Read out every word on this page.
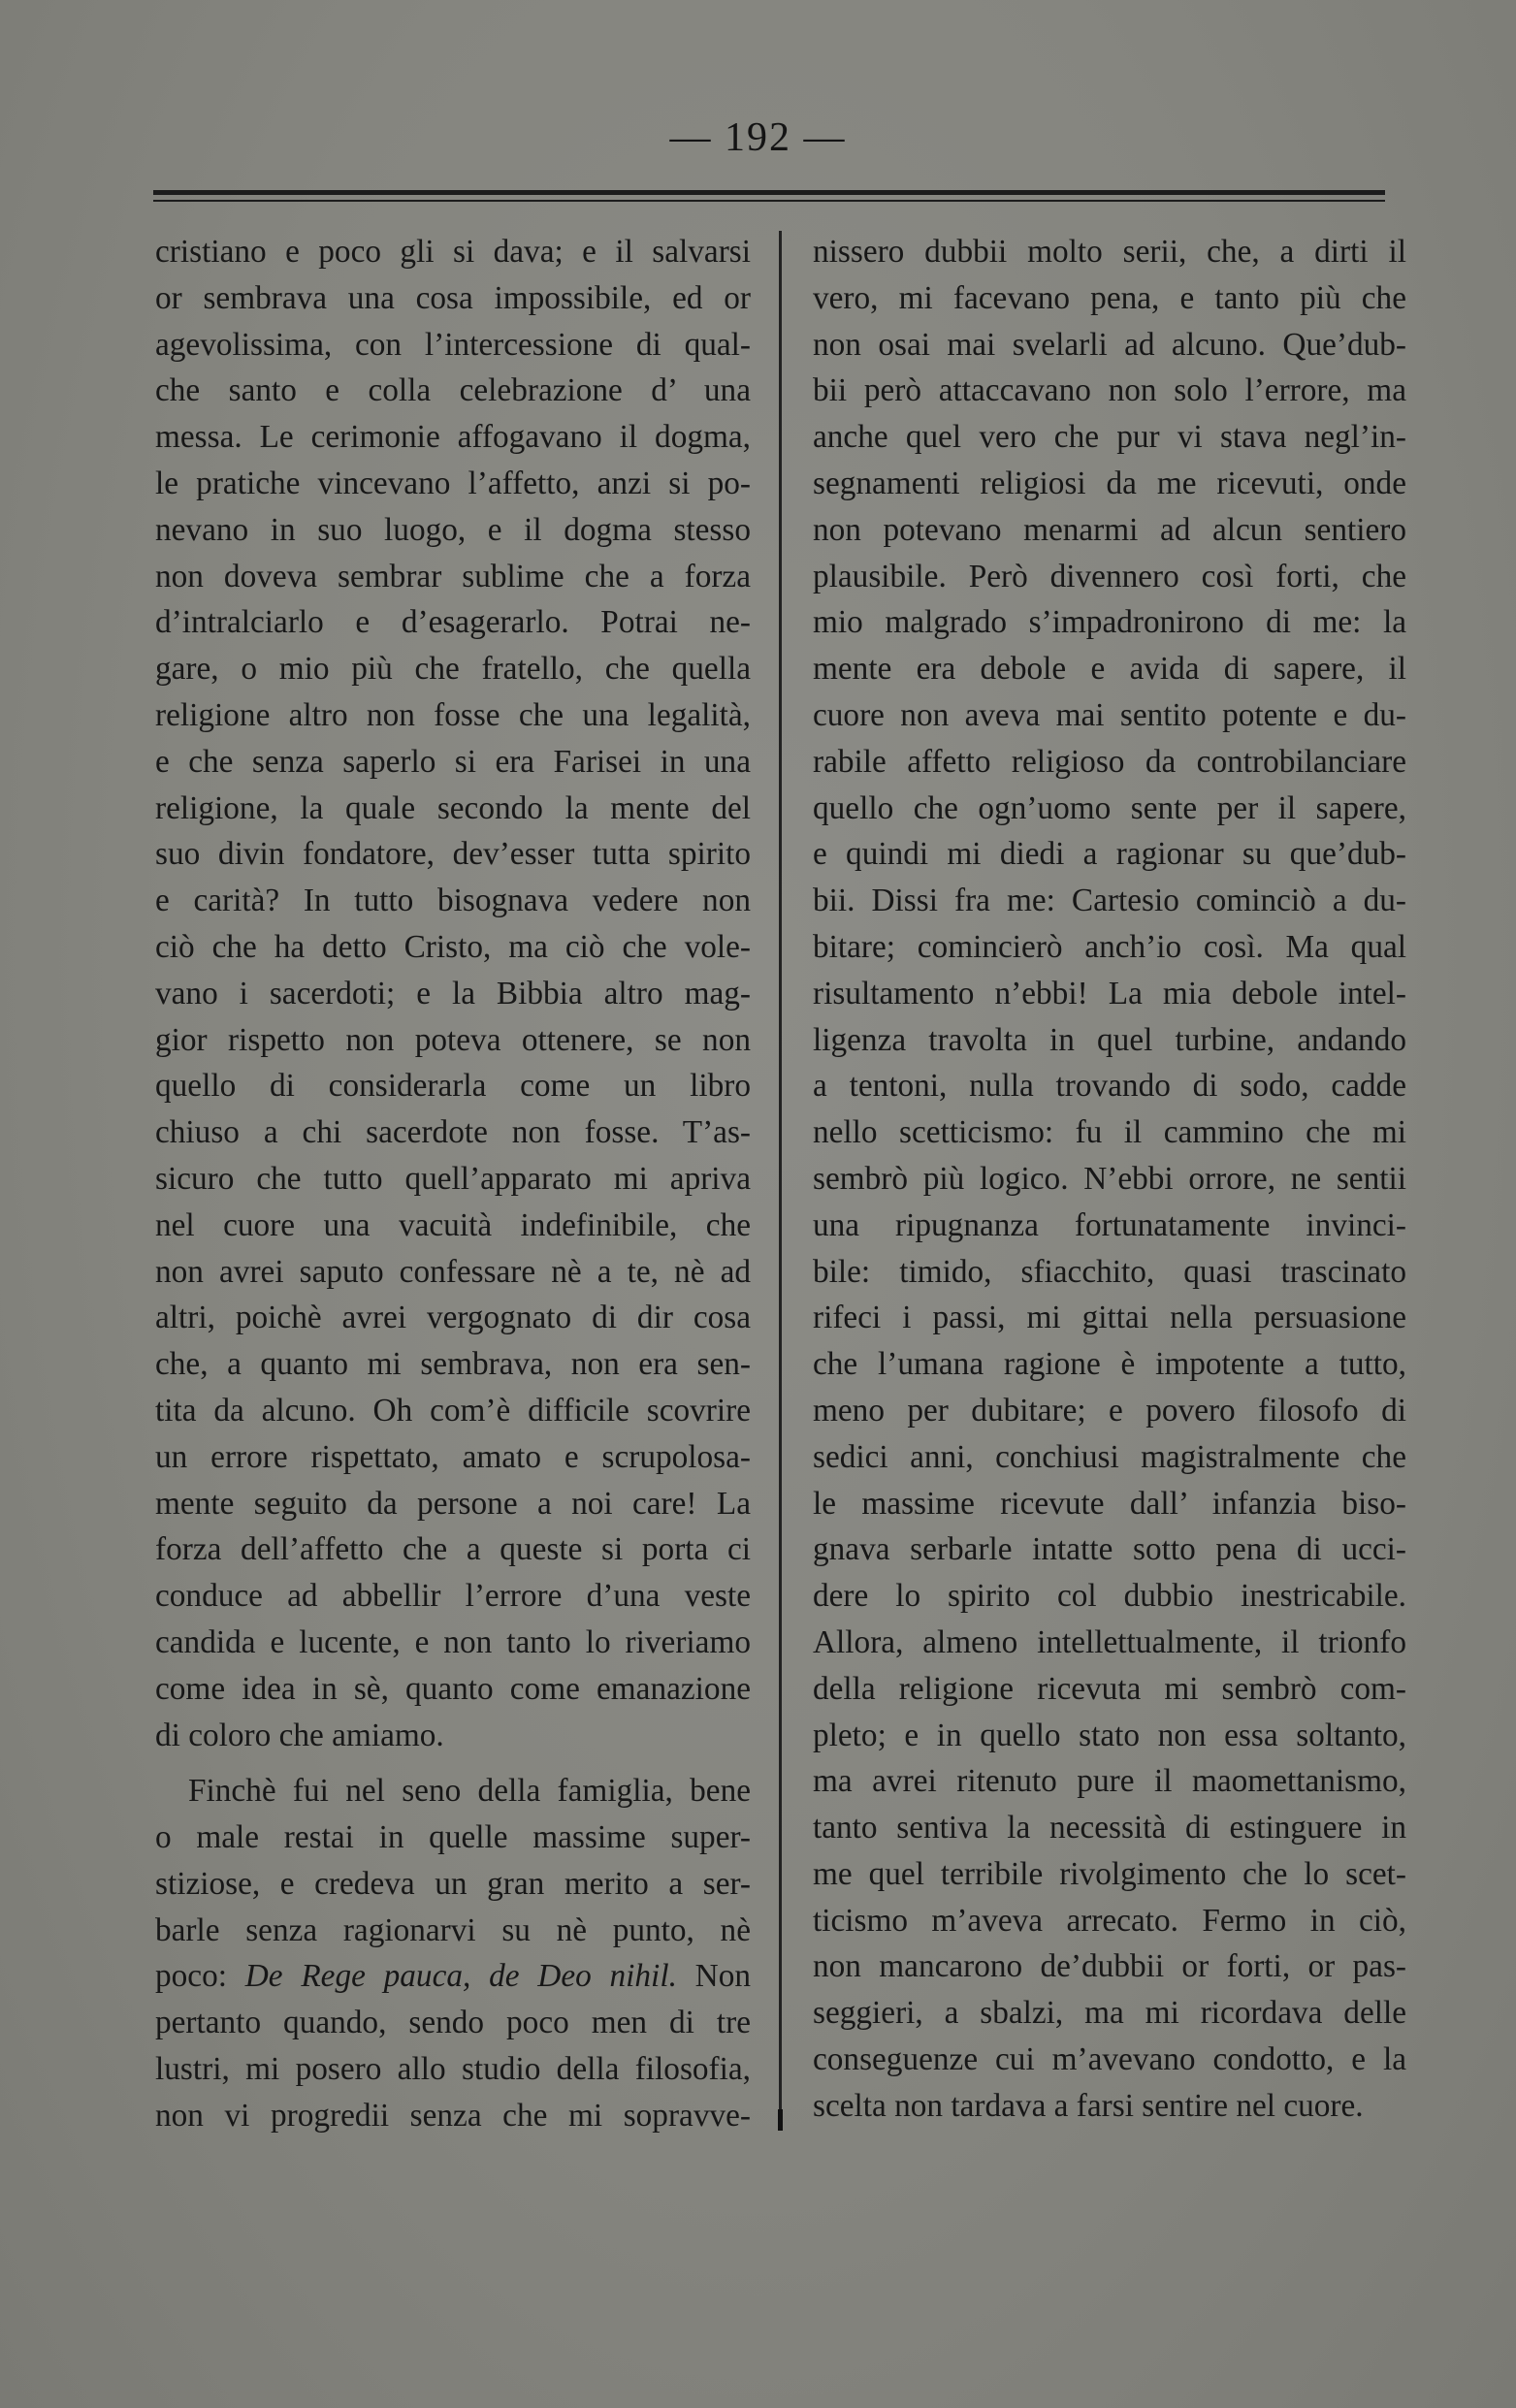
— 192 —
cristiano e poco gli si dava; e il salvarsi
or sembrava una cosa impossibile, ed or
agevolissima, con l’intercessione di qual-
che santo e colla celebrazione d’ una
messa. Le cerimonie affogavano il dogma,
le pratiche vincevano l’affetto, anzi si po-
nevano in suo luogo, e il dogma stesso
non doveva sembrar sublime che a forza
d’intralciarlo e d’esagerarlo. Potrai ne-
gare, o mio più che fratello, che quella
religione altro non fosse che una legalità,
e che senza saperlo si era Farisei in una
religione, la quale secondo la mente del
suo divin fondatore, dev’esser tutta spirito
e carità? In tutto bisognava vedere non
ciò che ha detto Cristo, ma ciò che vole-
vano i sacerdoti; e la Bibbia altro mag-
gior rispetto non poteva ottenere, se non
quello di considerarla come un libro
chiuso a chi sacerdote non fosse. T’as-
sicuro che tutto quell’apparato mi apriva
nel cuore una vacuità indefinibile, che
non avrei saputo confessare nè a te, nè ad
altri, poichè avrei vergognato di dir cosa
che, a quanto mi sembrava, non era sen-
tita da alcuno. Oh com’è difficile scovrire
un errore rispettato, amato e scrupolosa-
mente seguito da persone a noi care! La
forza dell’affetto che a queste si porta ci
conduce ad abbellir l’errore d’una veste
candida e lucente, e non tanto lo riveriamo
come idea in sè, quanto come emanazione
di coloro che amiamo.
Finchè fui nel seno della famiglia, bene
o male restai in quelle massime super-
stiziose, e credeva un gran merito a ser-
barle senza ragionarvi su nè punto, nè
poco: De Rege pauca, de Deo nihil. Non
pertanto quando, sendo poco men di tre
lustri, mi posero allo studio della filosofia,
non vi progredii senza che mi sopravve-
nissero dubbii molto serii, che, a dirti il
vero, mi facevano pena, e tanto più che
non osai mai svelarli ad alcuno. Que’dub-
bii però attaccavano non solo l’errore, ma
anche quel vero che pur vi stava negl’in-
segnamenti religiosi da me ricevuti, onde
non potevano menarmi ad alcun sentiero
plausibile. Però divennero così forti, che
mio malgrado s’impadronirono di me: la
mente era debole e avida di sapere, il
cuore non aveva mai sentito potente e du-
rabile affetto religioso da controbilanciare
quello che ogn’uomo sente per il sapere,
e quindi mi diedi a ragionar su que’dub-
bii. Dissi fra me: Cartesio cominciò a du-
bitare; comincierò anch’io così. Ma qual
risultamento n’ebbi! La mia debole intel-
ligenza travolta in quel turbine, andando
a tentoni, nulla trovando di sodo, cadde
nello scetticismo: fu il cammino che mi
sembrò più logico. N’ebbi orrore, ne sentii
una ripugnanza fortunatamente invinci-
bile: timido, sfiacchito, quasi trascinato
rifeci i passi, mi gittai nella persuasione
che l’umana ragione è impotente a tutto,
meno per dubitare; e povero filosofo di
sedici anni, conchiusi magistralmente che
le massime ricevute dall’ infanzia biso-
gnava serbarle intatte sotto pena di ucci-
dere lo spirito col dubbio inestricabile.
Allora, almeno intellettualmente, il trionfo
della religione ricevuta mi sembrò com-
pleto; e in quello stato non essa soltanto,
ma avrei ritenuto pure il maomettanismo,
tanto sentiva la necessità di estinguere in
me quel terribile rivolgimento che lo scet-
ticismo m’aveva arrecato. Fermo in ciò,
non mancarono de’dubbii or forti, or pas-
seggieri, a sbalzi, ma mi ricordava delle
conseguenze cui m’avevano condotto, e la
scelta non tardava a farsi sentire nel cuore.
